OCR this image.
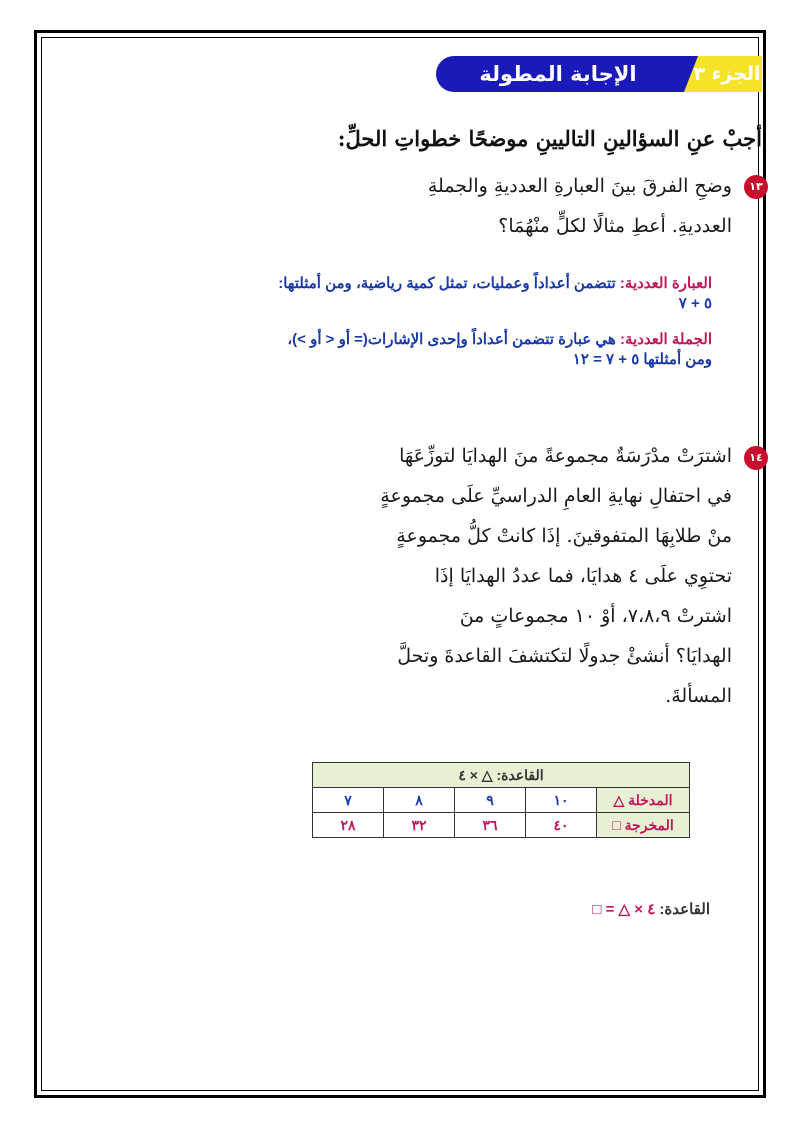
الإجابة المطولة	الجزء ٣
أجبْ عنِ السؤالينِ التاليينِ موضحًا خطواتِ الحلِّ:
١٣
وضحِ الفرقَ بينَ العبارةِ العدديةِ والجملةِ
العدديةِ. أعطِ مثالًا لكلٍّ منْهُمَا؟
العبارة العددية: تتضمن أعداداً وعمليات، تمثل كمية رياضية، ومن أمثلتها:
٥ + ٧
الجملة العددية: هي عبارة تتضمن أعداداً وإحدى الإشارات(= أو < أو >)،
ومن أمثلتها ٥ + ٧ = ١٢
١٤
اشترَتْ مدْرَسَةٌ مجموعةً منَ الهدايَا لتوزِّعَهَا
في احتفالِ نهايةِ العامِ الدراسيِّ علَى مجموعةٍ
منْ طلابِهَا المتفوقينَ. إذَا كانتْ كلُّ مجموعةٍ
تحتوِي علَى ٤ هدايَا، فما عددُ الهدايَا إذَا
اشترتْ ٧،٨،٩، أوْ ١٠ مجموعاتٍ منَ
الهدايَا؟ أنشئْ جدولًا لتكتشفَ القاعدةَ وتحلَّ
المسألةَ.
القاعدة: △ × ٤				
المدخلة △	١٠	٩	٨	٧
المخرجة □	٤٠	٣٦	٣٢	٢٨
القاعدة: □ = △ × ٤
